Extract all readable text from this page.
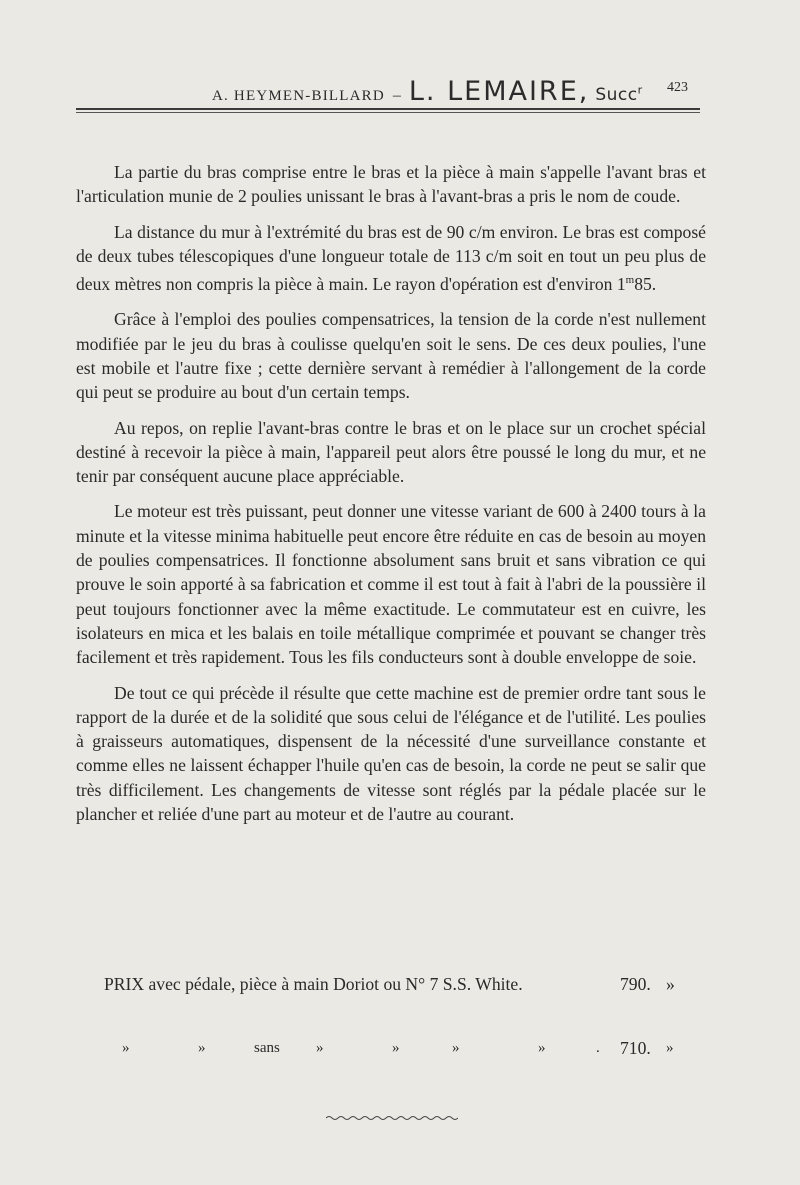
A. HEYMEN-BILLARD – L. LEMAIRE, Succ$^r$ 423

La partie du bras comprise entre le bras et la pièce à main s'appelle l'avant bras et l'articulation munie de 2 poulies unissant le bras à l'avant-bras a pris le nom de coude.

La distance du mur à l'extrémité du bras est de 90 c/m environ. Le bras est composé de deux tubes télescopiques d'une longueur totale de 113 c/m soit en tout un peu plus de deux mètres non compris la pièce à main. Le rayon d'opération est d'environ 1$^m$85.

Grâce à l'emploi des poulies compensatrices, la tension de la corde n'est nullement modifiée par le jeu du bras à coulisse quelqu'en soit le sens. De ces deux poulies, l'une est mobile et l'autre fixe ; cette dernière servant à remédier à l'allongement de la corde qui peut se produire au bout d'un certain temps.

Au repos, on replie l'avant-bras contre le bras et on le place sur un crochet spécial destiné à recevoir la pièce à main, l'appareil peut alors être poussé le long du mur, et ne tenir par conséquent aucune place appréciable.

Le moteur est très puissant, peut donner une vitesse variant de 600 à 2400 tours à la minute et la vitesse minima habituelle peut encore être réduite en cas de besoin au moyen de poulies compensatrices. Il fonctionne absolument sans bruit et sans vibration ce qui prouve le soin apporté à sa fabrication et comme il est tout à fait à l'abri de la poussière il peut toujours fonctionner avec la même exactitude. Le commutateur est en cuivre, les isolateurs en mica et les balais en toile métallique comprimée et pouvant se changer très facilement et très rapidement. Tous les fils conducteurs sont à double enveloppe de soie.

De tout ce qui précède il résulte que cette machine est de premier ordre tant sous le rapport de la durée et de la solidité que sous celui de l'élégance et de l'utilité. Les poulies à graisseurs automatiques, dispensent de la nécessité d'une surveillance constante et comme elles ne laissent échapper l'huile qu'en cas de besoin, la corde ne peut se salir que très difficilement. Les changements de vitesse sont réglés par la pédale placée sur le plancher et reliée d'une part au moteur et de l'autre au courant.

PRIX avec pédale, pièce à main Doriot ou N° 7 S.S. White.	790. »
»	»	sans »	»	»	»	. 710. »
